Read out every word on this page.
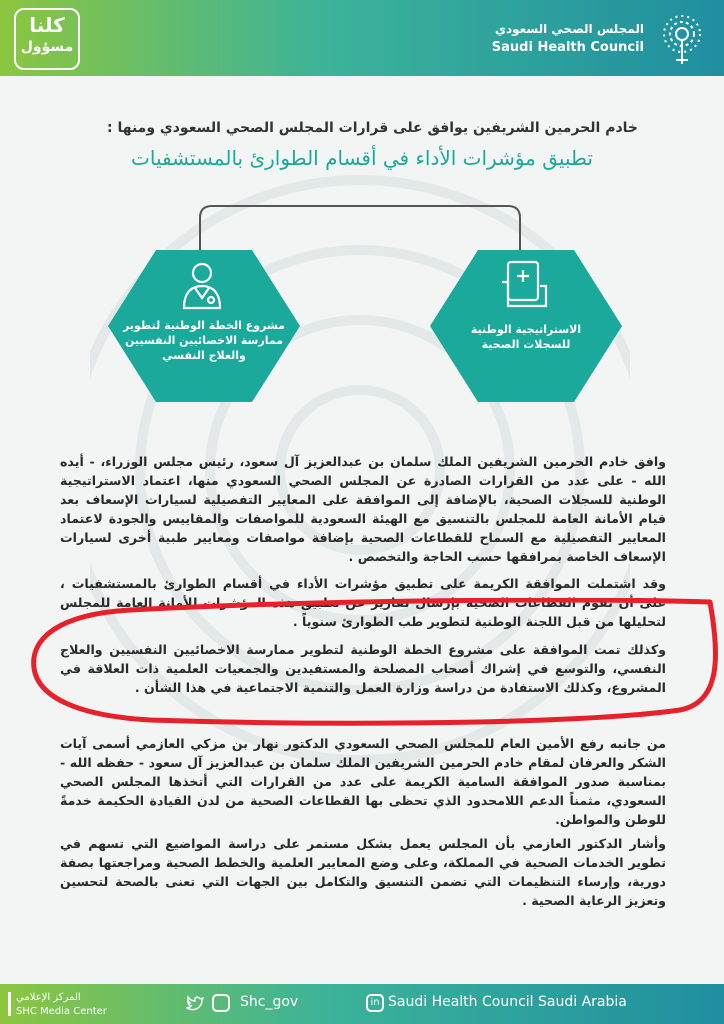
كلنا
مسؤول
المجلس الصحي السعودي
Saudi Health Council
خادم الحرمين الشريفين يوافق على قرارات المجلس الصحي السعودي ومنها :
تطبيق مؤشرات الأداء في أقسام الطوارئ بالمستشفيات
مشروع الخطة الوطنية لتطوير ممارسة الاخصائيين النفسيين والعلاج النفسي
الاستراتيجية الوطنية للسجلات الصحية

وافق خادم الحرمين الشريفين الملك سلمان بن عبدالعزيز آل سعود، رئيس مجلس الوزراء، - أيده الله - على عدد من القرارات الصادرة عن المجلس الصحي السعودي منها، اعتماد الاستراتيجية الوطنية للسجلات الصحية، بالإضافة إلى الموافقة على المعايير التفصيلية لسيارات الإسعاف بعد قيام الأمانة العامة للمجلس بالتنسيق مع الهيئة السعودية للمواصفات والمقاييس والجودة لاعتماد المعايير التفصيلية مع السماح للقطاعات الصحية بإضافة مواصفات ومعايير طبية أخرى لسيارات الإسعاف الخاصة بمرافقها حسب الحاجة والتخصص .

وقد اشتملت الموافقة الكريمة على تطبيق مؤشرات الأداء في أقسام الطوارئ بالمستشفيات ، على أن تقوم القطاعات الصحية بإرسال تقارير عن تطبيق هذه المؤشرات للأمانة العامة للمجلس لتحليلها من قبل اللجنة الوطنية لتطوير طب الطوارئ سنوياً .

وكذلك تمت الموافقة على مشروع الخطة الوطنية لتطوير ممارسة الاخصائيين النفسيين والعلاج النفسي، والتوسع في إشراك أصحاب المصلحة والمستفيدين والجمعيات العلمية ذات العلاقة في المشروع، وكذلك الاستفادة من دراسة وزارة العمل والتنمية الاجتماعية في هذا الشأن .

من جانبه رفع الأمين العام للمجلس الصحي السعودي الدكتور نهار بن مزكي العازمي أسمى آيات الشكر والعرفان لمقام خادم الحرمين الشريفين الملك سلمان بن عبدالعزيز آل سعود - حفظه الله - بمناسبة صدور الموافقة السامية الكريمة على عدد من القرارات التي أتخذها المجلس الصحي السعودي، مثمناً الدعم اللامحدود الذي تحظى بها القطاعات الصحية من لدن القيادة الحكيمة خدمةً للوطن والمواطن.

وأشار الدكتور العازمي بأن المجلس يعمل بشكل مستمر على دراسة المواضيع التي تسهم في تطوير الخدمات الصحية في المملكة، وعلى وضع المعايير العلمية والخطط الصحية ومراجعتها بصفة دورية، وإرساء التنظيمات التي تضمن التنسيق والتكامل بين الجهات التي تعنى بالصحة لتحسين وتعزيز الرعاية الصحية .

المركز الإعلامي
SHC Media Center
Shc_gov	in Saudi Health Council Saudi Arabia
